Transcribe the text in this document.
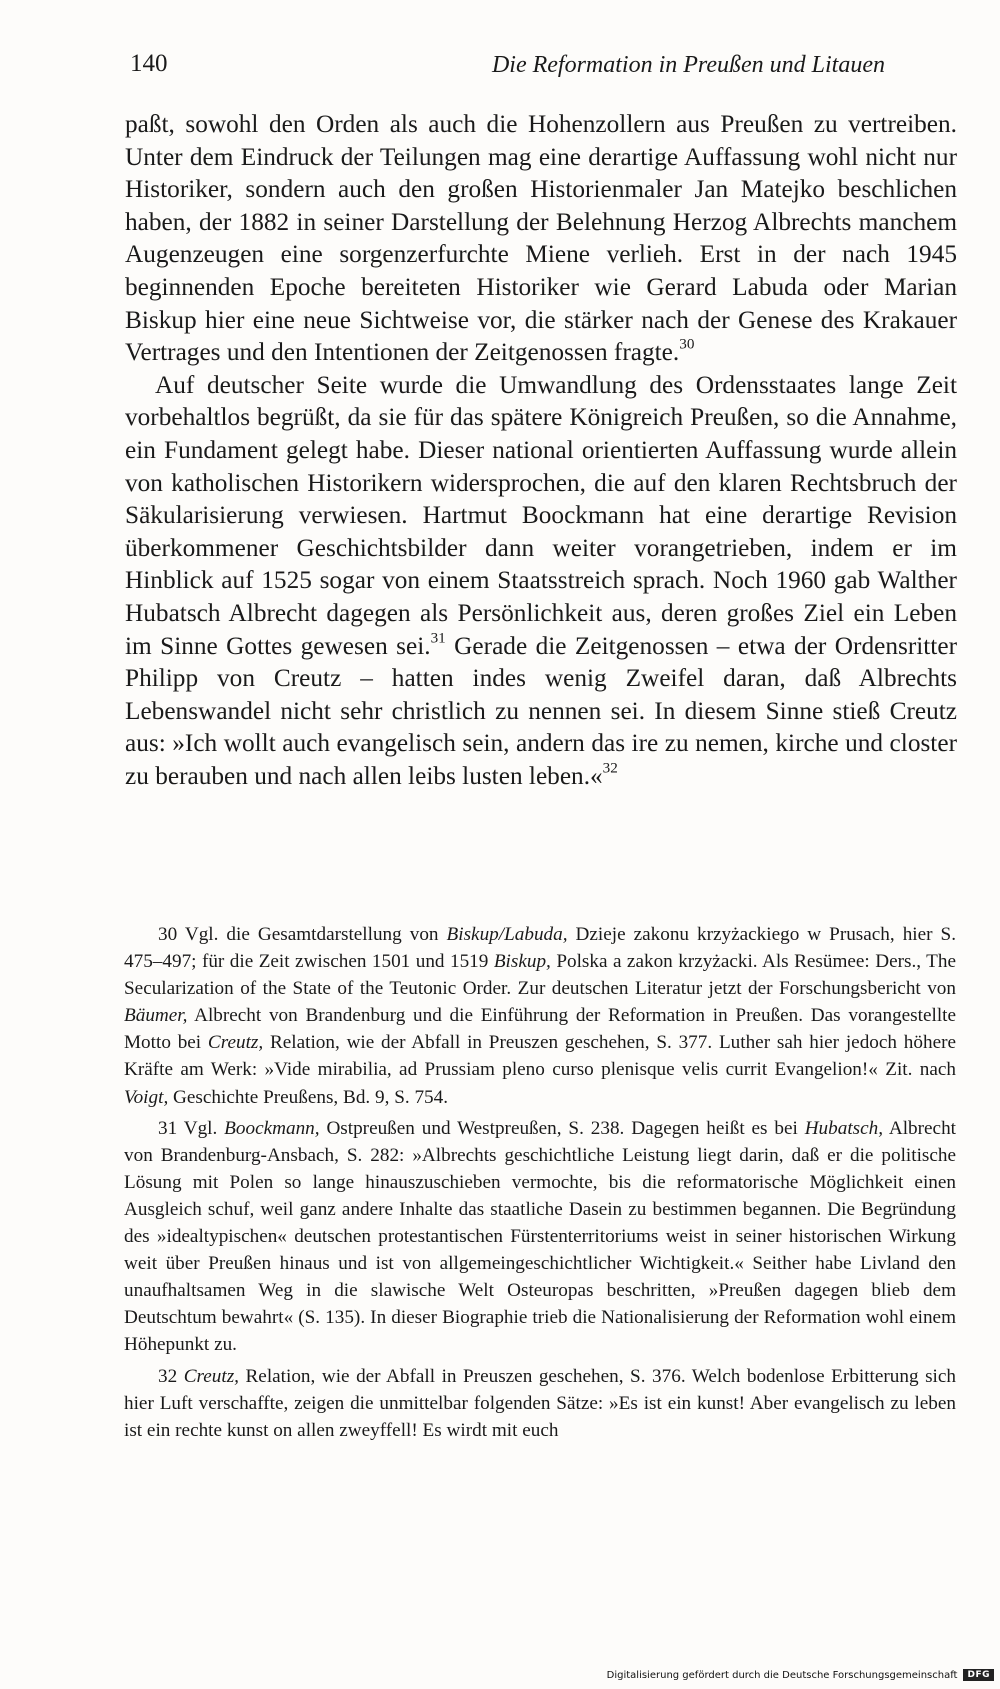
140	Die Reformation in Preußen und Litauen

paßt, sowohl den Orden als auch die Hohenzollern aus Preußen zu vertreiben. Unter dem Eindruck der Teilungen mag eine derartige Auffassung wohl nicht nur Historiker, sondern auch den großen Historienmaler Jan Matejko beschlichen haben, der 1882 in seiner Darstellung der Belehnung Herzog Albrechts manchem Augenzeugen eine sorgenzerfurchte Miene verlieh. Erst in der nach 1945 beginnenden Epoche bereiteten Historiker wie Gerard Labuda oder Marian Biskup hier eine neue Sichtweise vor, die stärker nach der Genese des Krakauer Vertrages und den Intentionen der Zeitgenossen fragte.$^{30}$

Auf deutscher Seite wurde die Umwandlung des Ordensstaates lange Zeit vorbehaltlos begrüßt, da sie für das spätere Königreich Preußen, so die Annahme, ein Fundament gelegt habe. Dieser national orientierten Auffassung wurde allein von katholischen Historikern widersprochen, die auf den klaren Rechtsbruch der Säkularisierung verwiesen. Hartmut Boockmann hat eine derartige Revision überkommener Geschichtsbilder dann weiter vorangetrieben, indem er im Hinblick auf 1525 sogar von einem Staatsstreich sprach. Noch 1960 gab Walther Hubatsch Albrecht dagegen als Persönlichkeit aus, deren großes Ziel ein Leben im Sinne Gottes gewesen sei.$^{31}$ Gerade die Zeitgenossen – etwa der Ordensritter Philipp von Creutz – hatten indes wenig Zweifel daran, daß Albrechts Lebenswandel nicht sehr christlich zu nennen sei. In diesem Sinne stieß Creutz aus: »Ich wollt auch evangelisch sein, andern das ire zu nemen, kirche und closter zu berauben und nach allen leibs lusten leben.«$^{32}$

30 Vgl. die Gesamtdarstellung von Biskup/Labuda, Dzieje zakonu krzyżackiego w Prusach, hier S. 475–497; für die Zeit zwischen 1501 und 1519 Biskup, Polska a zakon krzyżacki. Als Resümee: Ders., The Secularization of the State of the Teutonic Order. Zur deutschen Literatur jetzt der Forschungsbericht von Bäumer, Albrecht von Brandenburg und die Einführung der Reformation in Preußen. Das vorangestellte Motto bei Creutz, Relation, wie der Abfall in Preuszen geschehen, S. 377. Luther sah hier jedoch höhere Kräfte am Werk: »Vide mirabilia, ad Prussiam pleno curso plenisque velis currit Evangelion!« Zit. nach Voigt, Geschichte Preußens, Bd. 9, S. 754.

31 Vgl. Boockmann, Ostpreußen und Westpreußen, S. 238. Dagegen heißt es bei Hubatsch, Albrecht von Brandenburg-Ansbach, S. 282: »Albrechts geschichtliche Leistung liegt darin, daß er die politische Lösung mit Polen so lange hinauszuschieben vermochte, bis die reformatorische Möglichkeit einen Ausgleich schuf, weil ganz andere Inhalte das staatliche Dasein zu bestimmen begannen. Die Begründung des »idealtypischen« deutschen protestantischen Fürstenterritoriums weist in seiner historischen Wirkung weit über Preußen hinaus und ist von allgemeingeschichtlicher Wichtigkeit.« Seither habe Livland den unaufhaltsamen Weg in die slawische Welt Osteuropas beschritten, »Preußen dagegen blieb dem Deutschtum bewahrt« (S. 135). In dieser Biographie trieb die Nationalisierung der Reformation wohl einem Höhepunkt zu.

32 Creutz, Relation, wie der Abfall in Preuszen geschehen, S. 376. Welch bodenlose Erbitterung sich hier Luft verschaffte, zeigen die unmittelbar folgenden Sätze: »Es ist ein kunst! Aber evangelisch zu leben ist ein rechte kunst on allen zweyffell! Es wirdt mit euch

Digitalisierung gefördert durch die Deutsche Forschungsgemeinschaft	DFG
